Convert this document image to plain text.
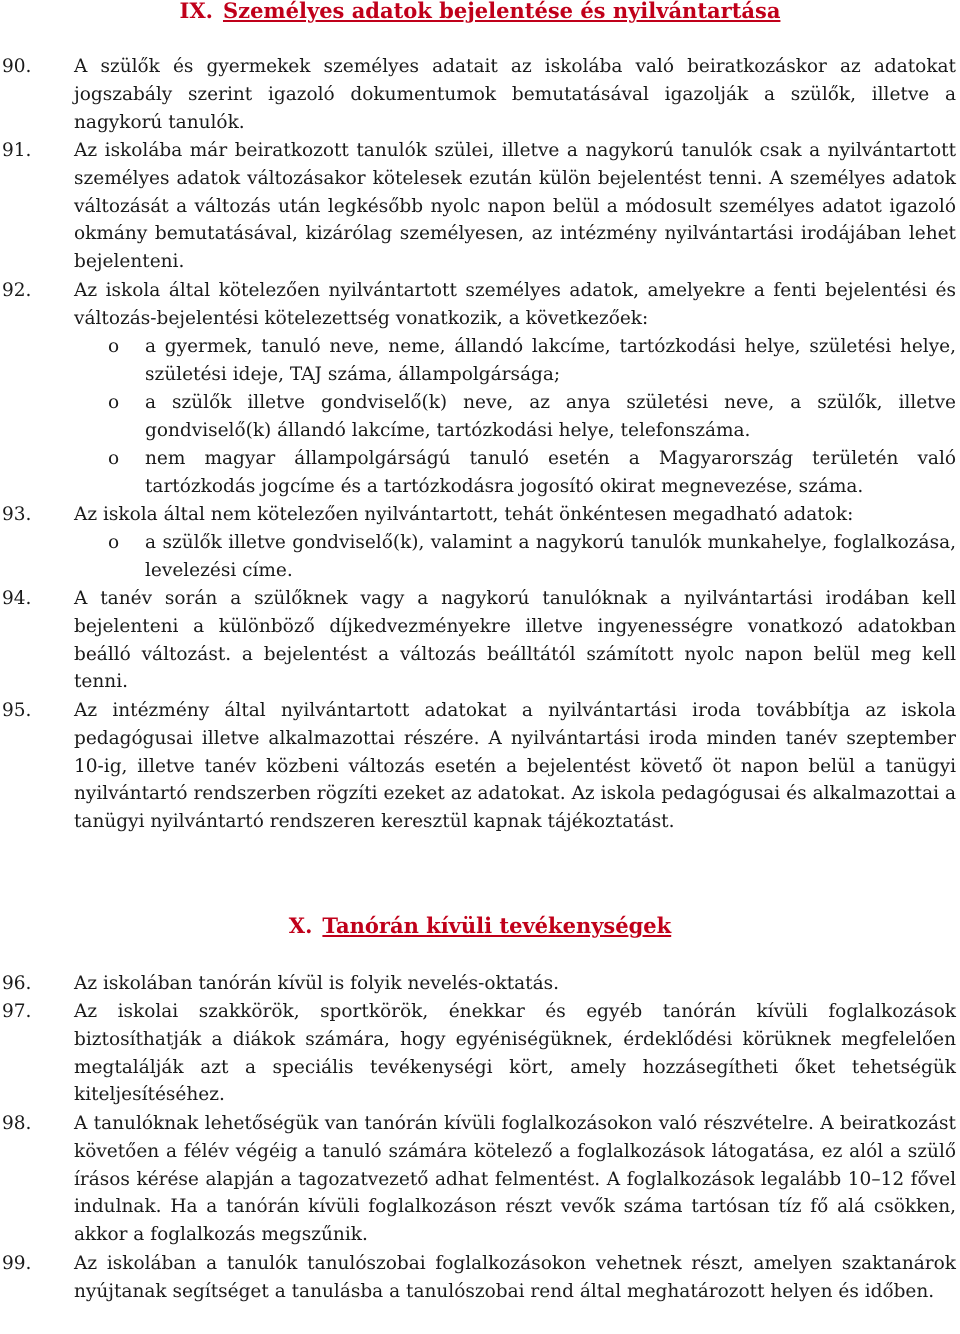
IX. Személyes adatok bejelentése és nyilvántartása
90. A szülők és gyermekek személyes adatait az iskolába való beiratkozáskor az adatokat jogszabály szerint igazoló dokumentumok bemutatásával igazolják a szülők, illetve a nagykorú tanulók.
91. Az iskolába már beiratkozott tanulók szülei, illetve a nagykorú tanulók csak a nyilvántartott személyes adatok változásakor kötelesek ezután külön bejelentést tenni. A személyes adatok változását a változás után legkésőbb nyolc napon belül a módosult személyes adatot igazoló okmány bemutatásával, kizárólag személyesen, az intézmény nyilvántartási irodájában lehet bejelenteni.
92. Az iskola által kötelezően nyilvántartott személyes adatok, amelyekre a fenti bejelentési és változás-bejelentési kötelezettség vonatkozik, a következőek:
o a gyermek, tanuló neve, neme, állandó lakcíme, tartózkodási helye, születési helye, születési ideje, TAJ száma, állampolgársága;
o a szülők illetve gondviselő(k) neve, az anya születési neve, a szülők, illetve gondviselő(k) állandó lakcíme, tartózkodási helye, telefonszáma.
o nem magyar állampolgárságú tanuló esetén a Magyarország területén való tartózkodás jogcíme és a tartózkodásra jogosító okirat megnevezése, száma.
93. Az iskola által nem kötelezően nyilvántartott, tehát önkéntesen megadható adatok:
o a szülők illetve gondviselő(k), valamint a nagykorú tanulók munkahelye, foglalkozása, levelezési címe.
94. A tanév során a szülőknek vagy a nagykorú tanulóknak a nyilvántartási irodában kell bejelenteni a különböző díjkedvezményekre illetve ingyenességre vonatkozó adatokban beálló változást. a bejelentést a változás beálltától számított nyolc napon belül meg kell tenni.
95. Az intézmény által nyilvántartott adatokat a nyilvántartási iroda továbbítja az iskola pedagógusai illetve alkalmazottai részére. A nyilvántartási iroda minden tanév szeptember 10-ig, illetve tanév közbeni változás esetén a bejelentést követő öt napon belül a tanügyi nyilvántartó rendszerben rögzíti ezeket az adatokat. Az iskola pedagógusai és alkalmazottai a tanügyi nyilvántartó rendszeren keresztül kapnak tájékoztatást.
X. Tanórán kívüli tevékenységek
96. Az iskolában tanórán kívül is folyik nevelés-oktatás.
97. Az iskolai szakkörök, sportkörök, énekkar és egyéb tanórán kívüli foglalkozások biztosíthatják a diákok számára, hogy egyéniségüknek, érdeklődési körüknek megfelelően megtalálják azt a speciális tevékenységi kört, amely hozzásegítheti őket tehetségük kiteljesítéséhez.
98. A tanulóknak lehetőségük van tanórán kívüli foglalkozásokon való részvételre. A beiratkozást követően a félév végéig a tanuló számára kötelező a foglalkozások látogatása, ez alól a szülő írásos kérése alapján a tagozatvezető adhat felmentést. A foglalkozások legalább 10–12 fővel indulnak. Ha a tanórán kívüli foglalkozáson részt vevők száma tartósan tíz fő alá csökken, akkor a foglalkozás megszűnik.
99. Az iskolában a tanulók tanulószobai foglalkozásokon vehetnek részt, amelyen szaktanárok nyújtanak segítséget a tanulásba a tanulószobai rend által meghatározott helyen és időben.
